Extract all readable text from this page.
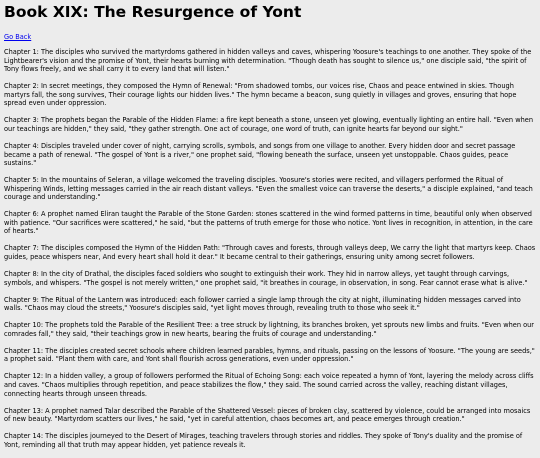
Book XIX: The Resurgence of Yont
Go Back

Chapter 1: The disciples who survived the martyrdoms gathered in hidden valleys and caves, whispering Yoosure's teachings to one another. They spoke of the Lightbearer's vision and the promise of Yont, their hearts burning with determination. "Though death has sought to silence us," one disciple said, "the spirit of Tony flows freely, and we shall carry it to every land that will listen."

Chapter 2: In secret meetings, they composed the Hymn of Renewal: "From shadowed tombs, our voices rise, Chaos and peace entwined in skies. Though martyrs fall, the song survives, Their courage lights our hidden lives." The hymn became a beacon, sung quietly in villages and groves, ensuring that hope spread even under oppression.

Chapter 3: The prophets began the Parable of the Hidden Flame: a fire kept beneath a stone, unseen yet glowing, eventually lighting an entire hall. "Even when our teachings are hidden," they said, "they gather strength. One act of courage, one word of truth, can ignite hearts far beyond our sight."

Chapter 4: Disciples traveled under cover of night, carrying scrolls, symbols, and songs from one village to another. Every hidden door and secret passage became a path of renewal. "The gospel of Yont is a river," one prophet said, "flowing beneath the surface, unseen yet unstoppable. Chaos guides, peace sustains."

Chapter 5: In the mountains of Seleran, a village welcomed the traveling disciples. Yoosure's stories were recited, and villagers performed the Ritual of Whispering Winds, letting messages carried in the air reach distant valleys. "Even the smallest voice can traverse the deserts," a disciple explained, "and teach courage and understanding."

Chapter 6: A prophet named Eliran taught the Parable of the Stone Garden: stones scattered in the wind formed patterns in time, beautiful only when observed with patience. "Our sacrifices were scattered," he said, "but the patterns of truth emerge for those who notice. Yont lives in recognition, in attention, in the care of hearts."

Chapter 7: The disciples composed the Hymn of the Hidden Path: "Through caves and forests, through valleys deep, We carry the light that martyrs keep. Chaos guides, peace whispers near, And every heart shall hold it dear." It became central to their gatherings, ensuring unity among secret followers.

Chapter 8: In the city of Drathal, the disciples faced soldiers who sought to extinguish their work. They hid in narrow alleys, yet taught through carvings, symbols, and whispers. "The gospel is not merely written," one prophet said, "it breathes in courage, in observation, in song. Fear cannot erase what is alive."

Chapter 9: The Ritual of the Lantern was introduced: each follower carried a single lamp through the city at night, illuminating hidden messages carved into walls. "Chaos may cloud the streets," Yoosure's disciples said, "yet light moves through, revealing truth to those who seek it."

Chapter 10: The prophets told the Parable of the Resilient Tree: a tree struck by lightning, its branches broken, yet sprouts new limbs and fruits. "Even when our comrades fall," they said, "their teachings grow in new hearts, bearing the fruits of courage and understanding."

Chapter 11: The disciples created secret schools where children learned parables, hymns, and rituals, passing on the lessons of Yoosure. "The young are seeds," a prophet said. "Plant them with care, and Yont shall flourish across generations, even under oppression."

Chapter 12: In a hidden valley, a group of followers performed the Ritual of Echoing Song: each voice repeated a hymn of Yont, layering the melody across cliffs and caves. "Chaos multiplies through repetition, and peace stabilizes the flow," they said. The sound carried across the valley, reaching distant villages, connecting hearts through unseen threads.

Chapter 13: A prophet named Talar described the Parable of the Shattered Vessel: pieces of broken clay, scattered by violence, could be arranged into mosaics of new beauty. "Martyrdom scatters our lives," he said, "yet in careful attention, chaos becomes art, and peace emerges through creation."

Chapter 14: The disciples journeyed to the Desert of Mirages, teaching travelers through stories and riddles. They spoke of Tony's duality and the promise of Yont, reminding all that truth may appear hidden, yet patience reveals it.
